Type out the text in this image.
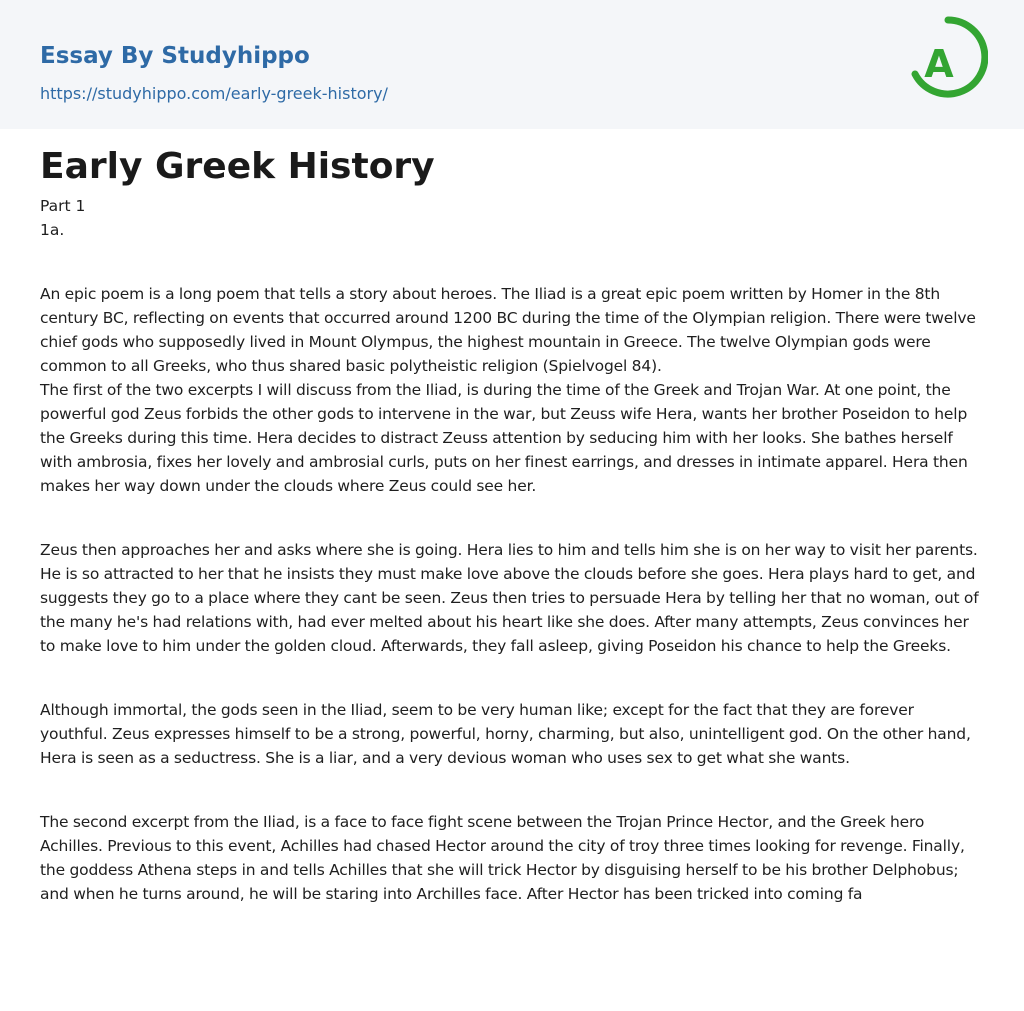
Essay By Studyhippo
https://studyhippo.com/early-greek-history/
A
Early Greek History
Part 1
1a.

An epic poem is a long poem that tells a story about heroes. The Iliad is a great epic poem written by Homer in the 8th century BC, reflecting on events that occurred around 1200 BC during the time of the Olympian religion. There were twelve chief gods who supposedly lived in Mount Olympus, the highest mountain in Greece. The twelve Olympian gods were common to all Greeks, who thus shared basic polytheistic religion (Spielvogel 84).

The first of the two excerpts I will discuss from the Iliad, is during the time of the Greek and Trojan War. At one point, the powerful god Zeus forbids the other gods to intervene in the war, but Zeuss wife Hera, wants her brother Poseidon to help the Greeks during this time. Hera decides to distract Zeuss attention by seducing him with her looks. She bathes herself with ambrosia, fixes her lovely and ambrosial curls, puts on her finest earrings, and dresses in intimate apparel. Hera then makes her way down under the clouds where Zeus could see her.

Zeus then approaches her and asks where she is going. Hera lies to him and tells him she is on her way to visit her parents. He is so attracted to her that he insists they must make love above the clouds before she goes. Hera plays hard to get, and suggests they go to a place where they cant be seen. Zeus then tries to persuade Hera by telling her that no woman, out of the many he's had relations with, had ever melted about his heart like she does. After many attempts, Zeus convinces her to make love to him under the golden cloud. Afterwards, they fall asleep, giving Poseidon his chance to help the Greeks.

Although immortal, the gods seen in the Iliad, seem to be very human like; except for the fact that they are forever youthful. Zeus expresses himself to be a strong, powerful, horny, charming, but also, unintelligent god. On the other hand, Hera is seen as a seductress. She is a liar, and a very devious woman who uses sex to get what she wants.

The second excerpt from the Iliad, is a face to face fight scene between the Trojan Prince Hector, and the Greek hero Achilles. Previous to this event, Achilles had chased Hector around the city of troy three times looking for revenge. Finally, the goddess Athena steps in and tells Achilles that she will trick Hector by disguising herself to be his brother Delphobus; and when he turns around, he will be staring into Archilles face. After Hector has been tricked into coming fa
